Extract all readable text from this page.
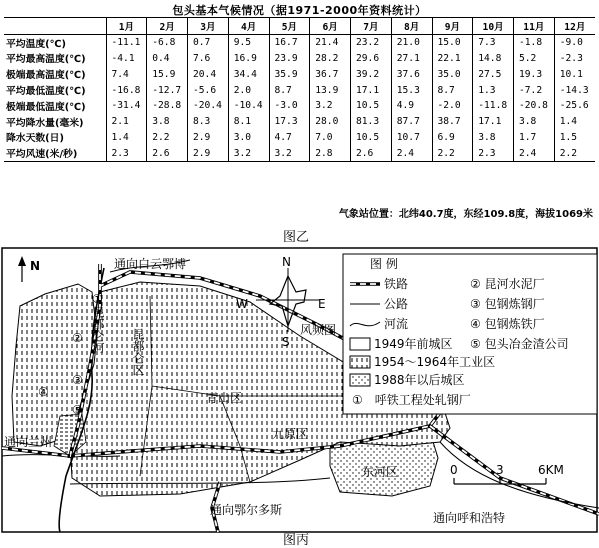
包头基本气候情况（据1971-2000年资料统计）
	1月	2月	3月	4月	5月	6月	7月	8月	9月	10月	11月	12月
平均温度(℃)	-11.1	-6.8	0.7	9.5	16.7	21.4	23.2	21.0	15.0	7.3	-1.8	-9.0
平均最高温度(℃)	-4.1	0.4	7.6	16.9	23.9	28.2	29.6	27.1	22.1	14.8	5.2	-2.3
极端最高温度(℃)	7.4	15.9	20.4	34.4	35.9	36.7	39.2	37.6	35.0	27.5	19.3	10.1
平均最低温度(℃)	-16.8	-12.7	-5.6	2.0	8.7	13.9	17.1	15.3	8.7	1.3	-7.2	-14.3
极端最低温度(℃)	-31.4	-28.8	-20.4	-10.4	-3.0	3.2	10.5	4.9	-2.0	-11.8	-20.8	-25.6
平均降水量(毫米)	2.1	3.8	8.3	8.1	17.3	28.0	81.3	87.7	38.7	17.1	3.8	1.4
降水天数(日)	1.4	2.2	2.9	3.0	4.7	7.0	10.5	10.7	6.9	3.8	1.7	1.5
平均风速(米/秒)	2.3	2.6	2.9	3.2	3.2	2.8	2.6	2.4	2.2	2.3	2.4	2.2
气象站位置：北纬40.7度，东经109.8度，海拔1069米
图乙
N	通向白云鄂博
通向兰州
通向鄂尔多斯
通向呼和浩特
昆都仑河 昆都仑区
青山区
九原区
东河区
①
②
③
④
⑤
N
E
S
W
风频图
图 例
铁路
公路
河流
1949年前城区
1954～1964年工业区
1988年以后城区
①　呼铁工程处轧钢厂
② 昆河水泥厂
③ 包钢炼钢厂
④ 包钢炼铁厂
⑤ 包头冶金渣公司
0	3	6KM
图丙
